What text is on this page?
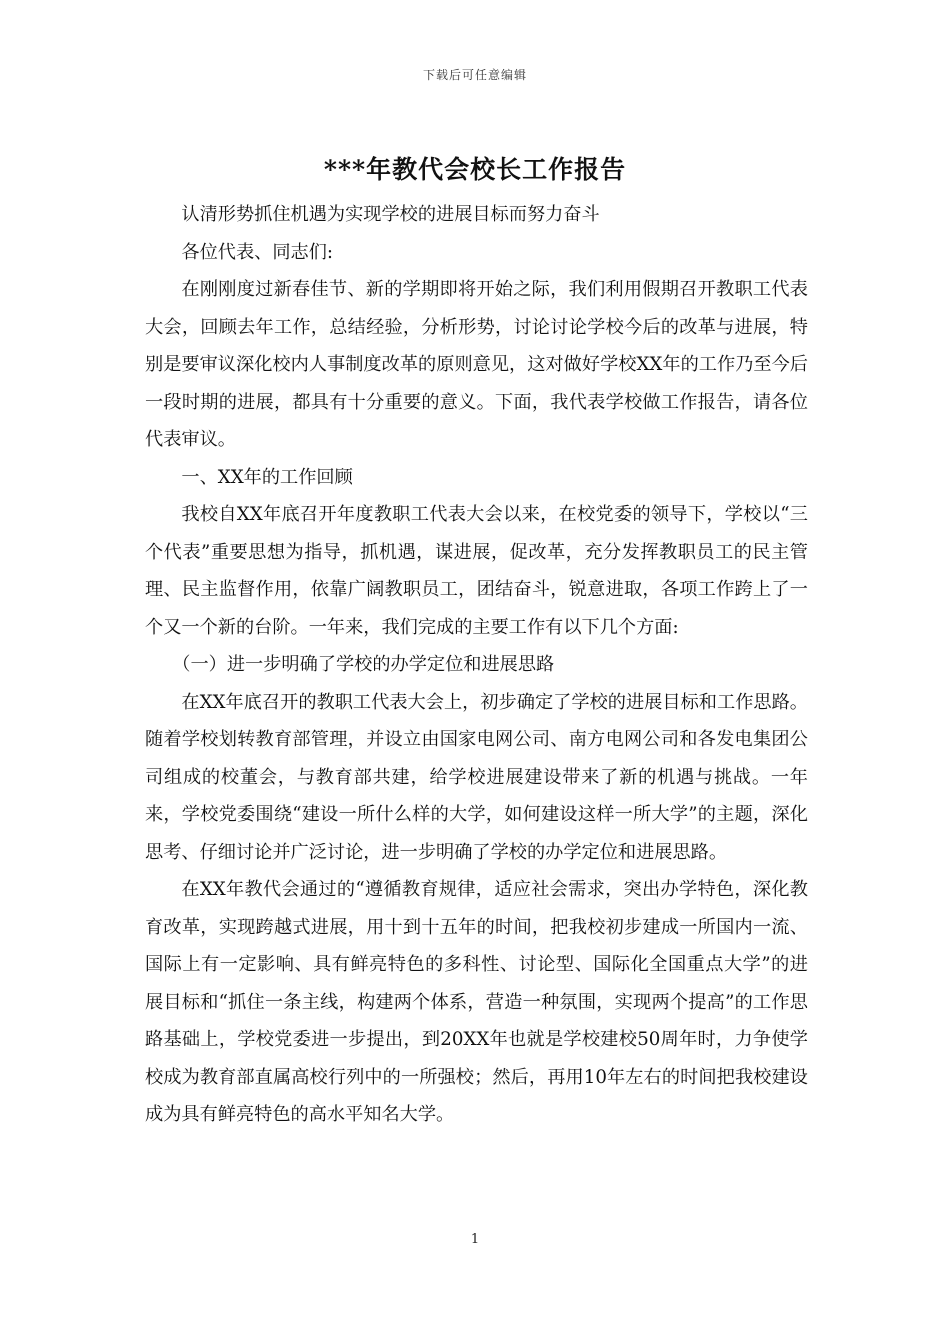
下载后可任意编辑
***年教代会校长工作报告

认清形势抓住机遇为实现学校的进展目标而努力奋斗

各位代表、同志们:

在刚刚度过新春佳节、新的学期即将开始之际，我们利用假期召开教职工代表大会，回顾去年工作，总结经验，分析形势，讨论讨论学校今后的改革与进展，特别是要审议深化校内人事制度改革的原则意见，这对做好学校XX年的工作乃至今后一段时期的进展，都具有十分重要的意义。下面，我代表学校做工作报告，请各位代表审议。

一、XX年的工作回顾

我校自XX年底召开年度教职工代表大会以来，在校党委的领导下，学校以“三个代表”重要思想为指导，抓机遇，谋进展，促改革，充分发挥教职员工的民主管理、民主监督作用，依靠广阔教职员工，团结奋斗，锐意进取，各项工作跨上了一个又一个新的台阶。一年来，我们完成的主要工作有以下几个方面:

（一）进一步明确了学校的办学定位和进展思路

在XX年底召开的教职工代表大会上，初步确定了学校的进展目标和工作思路。随着学校划转教育部管理，并设立由国家电网公司、南方电网公司和各发电集团公司组成的校董会，与教育部共建，给学校进展建设带来了新的机遇与挑战。一年来，学校党委围绕“建设一所什么样的大学，如何建设这样一所大学”的主题，深化思考、仔细讨论并广泛讨论，进一步明确了学校的办学定位和进展思路。

在XX年教代会通过的“遵循教育规律，适应社会需求，突出办学特色，深化教育改革，实现跨越式进展，用十到十五年的时间，把我校初步建成一所国内一流、国际上有一定影响、具有鲜亮特色的多科性、讨论型、国际化全国重点大学”的进展目标和“抓住一条主线，构建两个体系，营造一种氛围，实现两个提高”的工作思路基础上，学校党委进一步提出，到20XX年也就是学校建校50周年时，力争使学校成为教育部直属高校行列中的一所强校；然后，再用10年左右的时间把我校建设成为具有鲜亮特色的高水平知名大学。

1
